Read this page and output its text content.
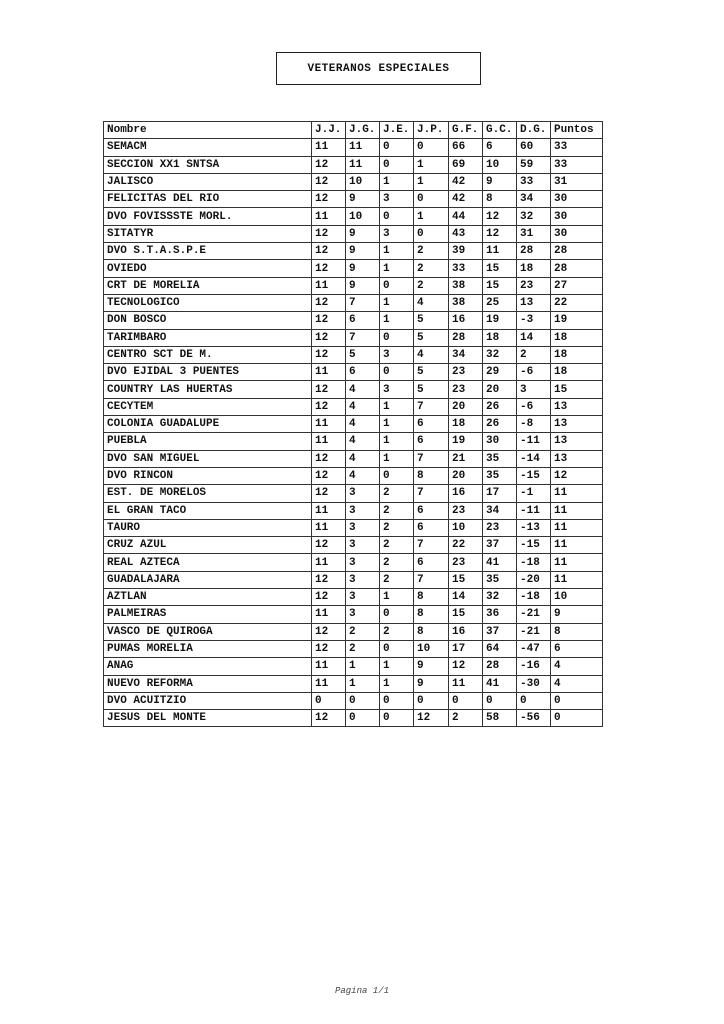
VETERANOS ESPECIALES
Nombre	J.J.	J.G.	J.E.	J.P.	G.F.	G.C.	D.G.	Puntos
SEMACM	11	11	0	0	66	6	60	33
SECCION XX1 SNTSA	12	11	0	1	69	10	59	33
JALISCO	12	10	1	1	42	9	33	31
FELICITAS DEL RIO	12	9	3	0	42	8	34	30
DVO FOVISSSTE MORL.	11	10	0	1	44	12	32	30
SITATYR	12	9	3	0	43	12	31	30
DVO S.T.A.S.P.E	12	9	1	2	39	11	28	28
OVIEDO	12	9	1	2	33	15	18	28
CRT DE MORELIA	11	9	0	2	38	15	23	27
TECNOLOGICO	12	7	1	4	38	25	13	22
DON BOSCO	12	6	1	5	16	19	-3	19
TARIMBARO	12	7	0	5	28	18	14	18
CENTRO SCT DE M.	12	5	3	4	34	32	2	18
DVO EJIDAL 3 PUENTES	11	6	0	5	23	29	-6	18
COUNTRY LAS HUERTAS	12	4	3	5	23	20	3	15
CECYTEM	12	4	1	7	20	26	-6	13
COLONIA GUADALUPE	11	4	1	6	18	26	-8	13
PUEBLA	11	4	1	6	19	30	-11	13
DVO SAN MIGUEL	12	4	1	7	21	35	-14	13
DVO RINCON	12	4	0	8	20	35	-15	12
EST. DE MORELOS	12	3	2	7	16	17	-1	11
EL GRAN TACO	11	3	2	6	23	34	-11	11
TAURO	11	3	2	6	10	23	-13	11
CRUZ AZUL	12	3	2	7	22	37	-15	11
REAL AZTECA	11	3	2	6	23	41	-18	11
GUADALAJARA	12	3	2	7	15	35	-20	11
AZTLAN	12	3	1	8	14	32	-18	10
PALMEIRAS	11	3	0	8	15	36	-21	9
VASCO DE QUIROGA	12	2	2	8	16	37	-21	8
PUMAS MORELIA	12	2	0	10	17	64	-47	6
ANAG	11	1	1	9	12	28	-16	4
NUEVO REFORMA	11	1	1	9	11	41	-30	4
DVO ACUITZIO	0	0	0	0	0	0	0	0
JESUS DEL MONTE	12	0	0	12	2	58	-56	0
Pagina 1/1
